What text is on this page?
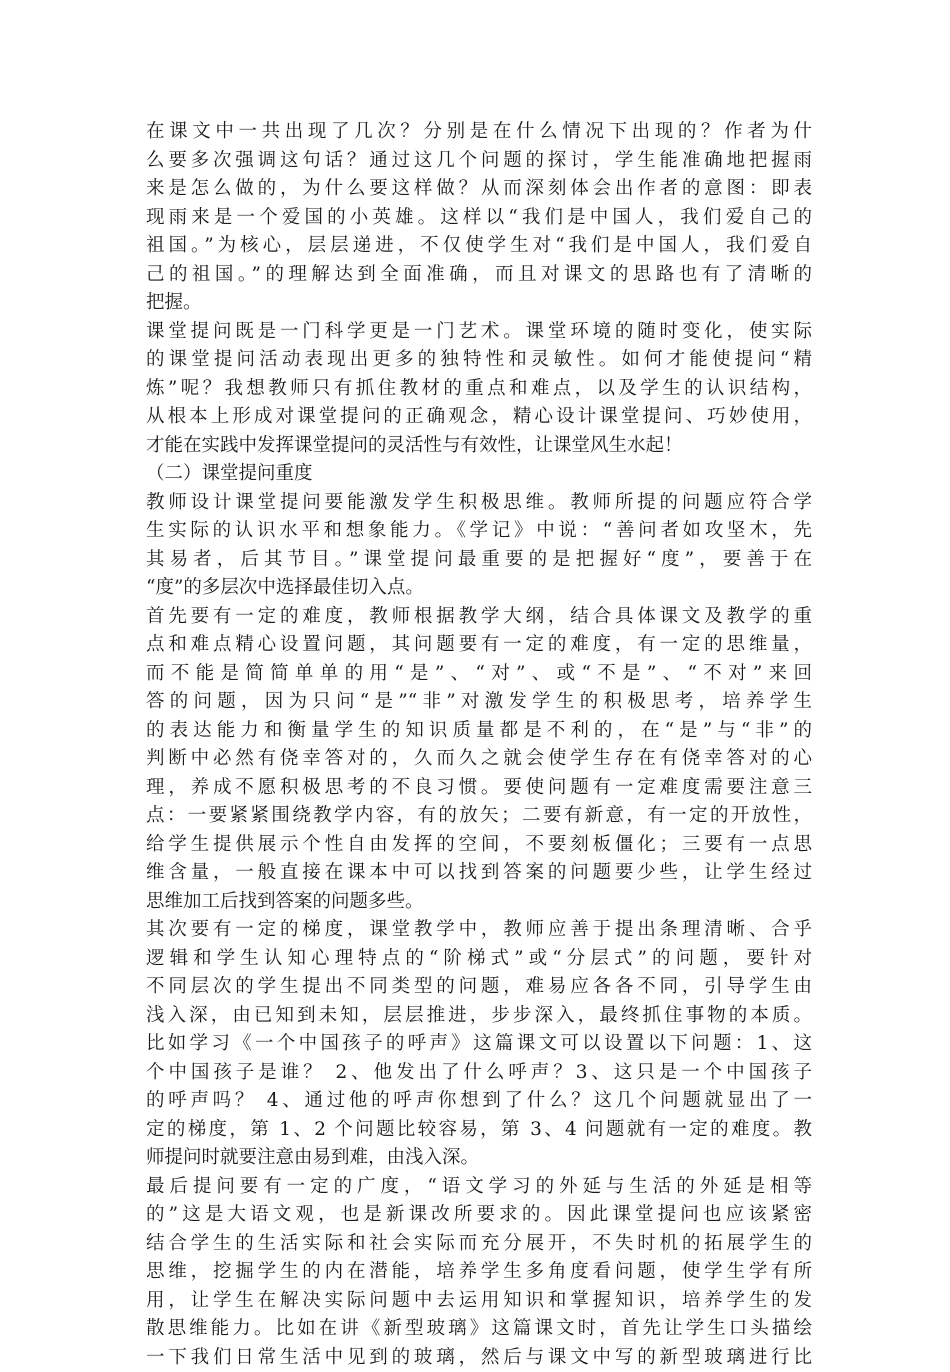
在课文中一共出现了几次？分别是在什么情况下出现的？作者为什
么要多次强调这句话？通过这几个问题的探讨，学生能准确地把握雨
来是怎么做的，为什么要这样做？从而深刻体会出作者的意图：即表
现雨来是一个爱国的小英雄。这样以“我们是中国人，我们爱自己的
祖国。”为核心，层层递进，不仅使学生对“我们是中国人，我们爱自
己的祖国。”的理解达到全面准确，而且对课文的思路也有了清晰的
把握。
课堂提问既是一门科学更是一门艺术。课堂环境的随时变化，使实际
的课堂提问活动表现出更多的独特性和灵敏性。如何才能使提问“精
炼”呢？我想教师只有抓住教材的重点和难点，以及学生的认识结构，
从根本上形成对课堂提问的正确观念，精心设计课堂提问、巧妙使用，
才能在实践中发挥课堂提问的灵活性与有效性，让课堂风生水起！
（二）课堂提问重度
教师设计课堂提问要能激发学生积极思维。教师所提的问题应符合学
生实际的认识水平和想象能力。《学记》中说：“善问者如攻坚木，先
其易者，后其节目。”课堂提问最重要的是把握好“度”，要善于在
“度”的多层次中选择最佳切入点。
首先要有一定的难度，教师根据教学大纲，结合具体课文及教学的重
点和难点精心设置问题，其问题要有一定的难度，有一定的思维量，
而不能是简简单单的用“是”、“对”、或“不是”、“不对”来回
答的问题，因为只问“是”“非”对激发学生的积极思考，培养学生
的表达能力和衡量学生的知识质量都是不利的，在“是”与“非”的
判断中必然有侥幸答对的，久而久之就会使学生存在有侥幸答对的心
理，养成不愿积极思考的不良习惯。要使问题有一定难度需要注意三
点：一要紧紧围绕教学内容，有的放矢；二要有新意，有一定的开放性，
给学生提供展示个性自由发挥的空间，不要刻板僵化；三要有一点思
维含量，一般直接在课本中可以找到答案的问题要少些，让学生经过
思维加工后找到答案的问题多些。
其次要有一定的梯度，课堂教学中，教师应善于提出条理清晰、合乎
逻辑和学生认知心理特点的“阶梯式”或“分层式”的问题，要针对
不同层次的学生提出不同类型的问题，难易应各各不同，引导学生由
浅入深，由已知到未知，层层推进，步步深入，最终抓住事物的本质。
比如学习《一个中国孩子的呼声》这篇课文可以设置以下问题：1、这
个中国孩子是谁？ 2、他发出了什么呼声？3、这只是一个中国孩子
的呼声吗？ 4、通过他的呼声你想到了什么？这几个问题就显出了一
定的梯度，第 1、2 个问题比较容易，第 3、4 问题就有一定的难度。教
师提问时就要注意由易到难，由浅入深。
最后提问要有一定的广度，“语文学习的外延与生活的外延是相等
的”这是大语文观，也是新课改所要求的。因此课堂提问也应该紧密
结合学生的生活实际和社会实际而充分展开，不失时机的拓展学生的
思维，挖掘学生的内在潜能，培养学生多角度看问题，使学生学有所
用，让学生在解决实际问题中去运用知识和掌握知识，培养学生的发
散思维能力。比如在讲《新型玻璃》这篇课文时，首先让学生口头描绘
一下我们日常生活中见到的玻璃，然后与课文中写的新型玻璃进行比
